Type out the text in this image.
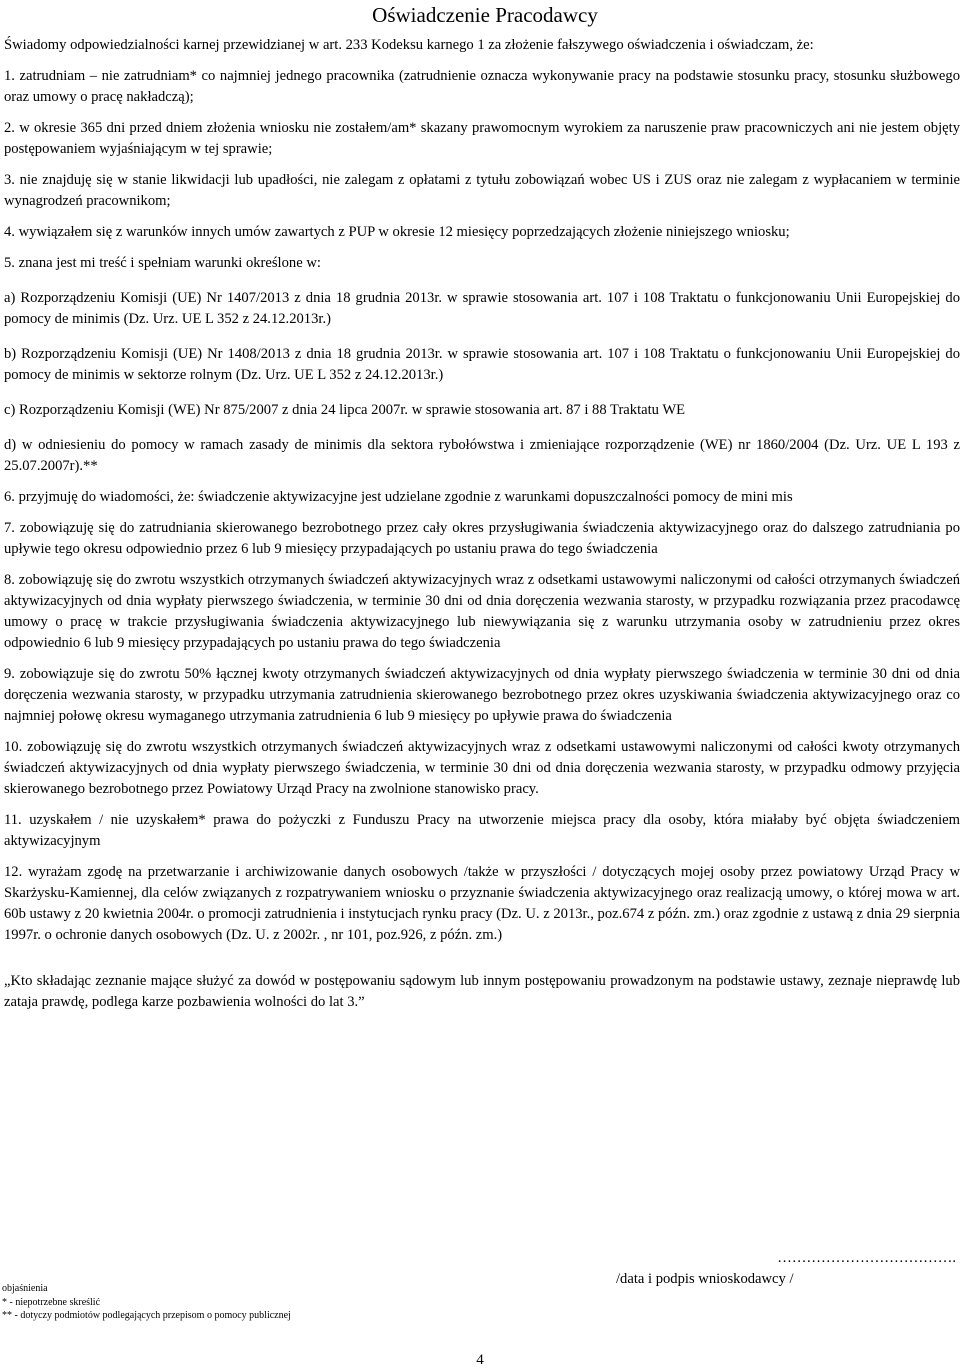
Oświadczenie Pracodawcy

Świadomy odpowiedzialności karnej przewidzianej w art. 233 Kodeksu karnego 1 za złożenie fałszywego oświadczenia i oświadczam, że:

1. zatrudniam – nie zatrudniam* co najmniej jednego pracownika (zatrudnienie oznacza wykonywanie pracy na podstawie stosunku pracy, stosunku służbowego oraz umowy o pracę nakładczą);

2. w okresie 365 dni przed dniem złożenia wniosku nie zostałem/am* skazany prawomocnym wyrokiem za naruszenie praw pracowniczych ani nie jestem objęty postępowaniem wyjaśniającym w tej sprawie;

3. nie znajduję się w stanie likwidacji lub upadłości, nie zalegam z opłatami z tytułu zobowiązań wobec US i ZUS oraz nie zalegam z wypłacaniem w terminie wynagrodzeń pracownikom;

4. wywiązałem się z warunków innych umów zawartych z PUP w okresie 12 miesięcy poprzedzających złożenie niniejszego wniosku;

5. znana jest mi treść i spełniam warunki określone w:

a) Rozporządzeniu Komisji (UE) Nr 1407/2013 z dnia 18 grudnia 2013r. w sprawie stosowania art. 107 i 108 Traktatu o funkcjonowaniu Unii Europejskiej do pomocy de minimis (Dz. Urz. UE L 352 z 24.12.2013r.)

b) Rozporządzeniu Komisji (UE) Nr 1408/2013 z dnia 18 grudnia 2013r. w sprawie stosowania art. 107 i 108 Traktatu o funkcjonowaniu Unii Europejskiej do pomocy de minimis w sektorze rolnym (Dz. Urz. UE L 352 z 24.12.2013r.)

c) Rozporządzeniu Komisji (WE) Nr 875/2007 z dnia 24 lipca 2007r. w sprawie stosowania art. 87 i 88 Traktatu WE

d) w odniesieniu do pomocy w ramach zasady de minimis dla sektora rybołówstwa i zmieniające rozporządzenie (WE) nr 1860/2004 (Dz. Urz. UE L 193 z 25.07.2007r).**

6. przyjmuję do wiadomości, że: świadczenie aktywizacyjne jest udzielane zgodnie z warunkami dopuszczalności pomocy de mini mis

7. zobowiązuję się do zatrudniania skierowanego bezrobotnego przez cały okres przysługiwania świadczenia aktywizacyjnego oraz do dalszego zatrudniania po upływie tego okresu odpowiednio przez 6 lub 9 miesięcy przypadających po ustaniu prawa do tego świadczenia

8. zobowiązuję się do zwrotu wszystkich otrzymanych świadczeń aktywizacyjnych wraz z odsetkami ustawowymi naliczonymi od całości otrzymanych świadczeń aktywizacyjnych od dnia wypłaty pierwszego świadczenia, w terminie 30 dni od dnia doręczenia wezwania starosty, w przypadku rozwiązania przez pracodawcę umowy o pracę w trakcie przysługiwania świadczenia aktywizacyjnego lub niewywiązania się z warunku utrzymania osoby w zatrudnieniu przez okres odpowiednio 6 lub 9 miesięcy przypadających po ustaniu prawa do tego świadczenia

9. zobowiązuje się do zwrotu 50% łącznej kwoty otrzymanych świadczeń aktywizacyjnych od dnia wypłaty pierwszego świadczenia w terminie 30 dni od dnia doręczenia wezwania starosty, w przypadku utrzymania zatrudnienia skierowanego bezrobotnego przez okres uzyskiwania świadczenia aktywizacyjnego oraz co najmniej połowę okresu wymaganego utrzymania zatrudnienia 6 lub 9 miesięcy po upływie prawa do świadczenia

10. zobowiązuję się do zwrotu wszystkich otrzymanych świadczeń aktywizacyjnych wraz z odsetkami ustawowymi naliczonymi od całości kwoty otrzymanych świadczeń aktywizacyjnych od dnia wypłaty pierwszego świadczenia, w terminie 30 dni od dnia doręczenia wezwania starosty, w przypadku odmowy przyjęcia skierowanego bezrobotnego przez Powiatowy Urząd Pracy na zwolnione stanowisko pracy.

11. uzyskałem / nie uzyskałem* prawa do pożyczki z Funduszu Pracy na utworzenie miejsca pracy dla osoby, która miałaby być objęta świadczeniem aktywizacyjnym

12. wyrażam zgodę na przetwarzanie i archiwizowanie danych osobowych /także w przyszłości / dotyczących mojej osoby przez powiatowy Urząd Pracy w Skarżysku-Kamiennej, dla celów związanych z rozpatrywaniem wniosku o przyznanie świadczenia aktywizacyjnego oraz realizacją umowy, o której mowa w art. 60b ustawy z 20 kwietnia 2004r. o promocji zatrudnienia i instytucjach rynku pracy (Dz. U. z 2013r., poz.674 z późn. zm.) oraz zgodnie z ustawą z dnia 29 sierpnia 1997r. o ochronie danych osobowych (Dz. U. z 2002r. , nr 101, poz.926, z późn. zm.)

„Kto składając zeznanie mające służyć za dowód w postępowaniu sądowym lub innym postępowaniu prowadzonym na podstawie ustawy, zeznaje nieprawdę lub zataja prawdę, podlega karze pozbawienia wolności do lat 3.”

……………………………….
/data i podpis wnioskodawcy /
objaśnienia
* - niepotrzebne skreślić
** - dotyczy podmiotów podlegających przepisom o pomocy publicznej
4
